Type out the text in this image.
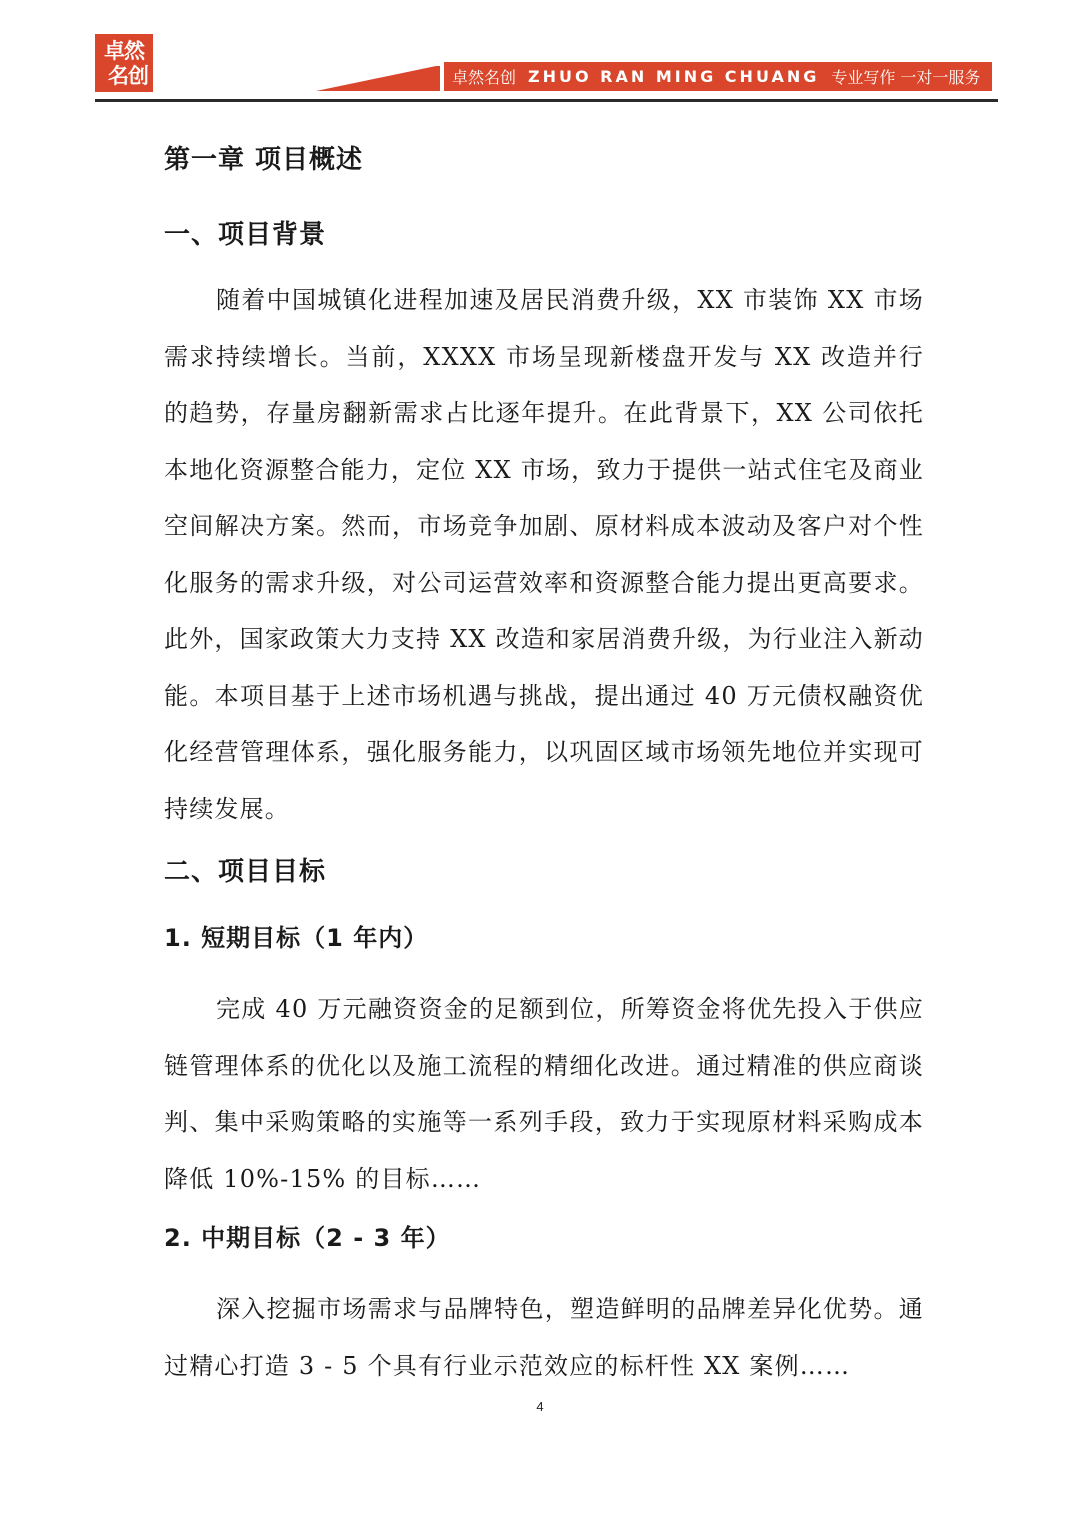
卓然
名创	卓然名创 ZHUO RAN MING CHUANG 专业写作 一对一服务
第一章 项目概述
一、项目背景

随着中国城镇化进程加速及居民消费升级，XX 市装饰 XX 市场需求持续增长。当前，XXXX 市场呈现新楼盘开发与 XX 改造并行的趋势，存量房翻新需求占比逐年提升。在此背景下，XX 公司依托本地化资源整合能力，定位 XX 市场，致力于提供一站式住宅及商业空间解决方案。然而，市场竞争加剧、原材料成本波动及客户对个性化服务的需求升级，对公司运营效率和资源整合能力提出更高要求。此外，国家政策大力支持 XX 改造和家居消费升级，为行业注入新动能。本项目基于上述市场机遇与挑战，提出通过 40 万元债权融资优化经营管理体系，强化服务能力，以巩固区域市场领先地位并实现可持续发展。

二、项目目标
1. 短期目标（1 年内）

完成 40 万元融资资金的足额到位，所筹资金将优先投入于供应链管理体系的优化以及施工流程的精细化改进。通过精准的供应商谈判、集中采购策略的实施等一系列手段，致力于实现原材料采购成本降低 10%-15% 的目标……

2. 中期目标（2 - 3 年）

深入挖掘市场需求与品牌特色，塑造鲜明的品牌差异化优势。通过精心打造 3 - 5 个具有行业示范效应的标杆性 XX 案例……

4
